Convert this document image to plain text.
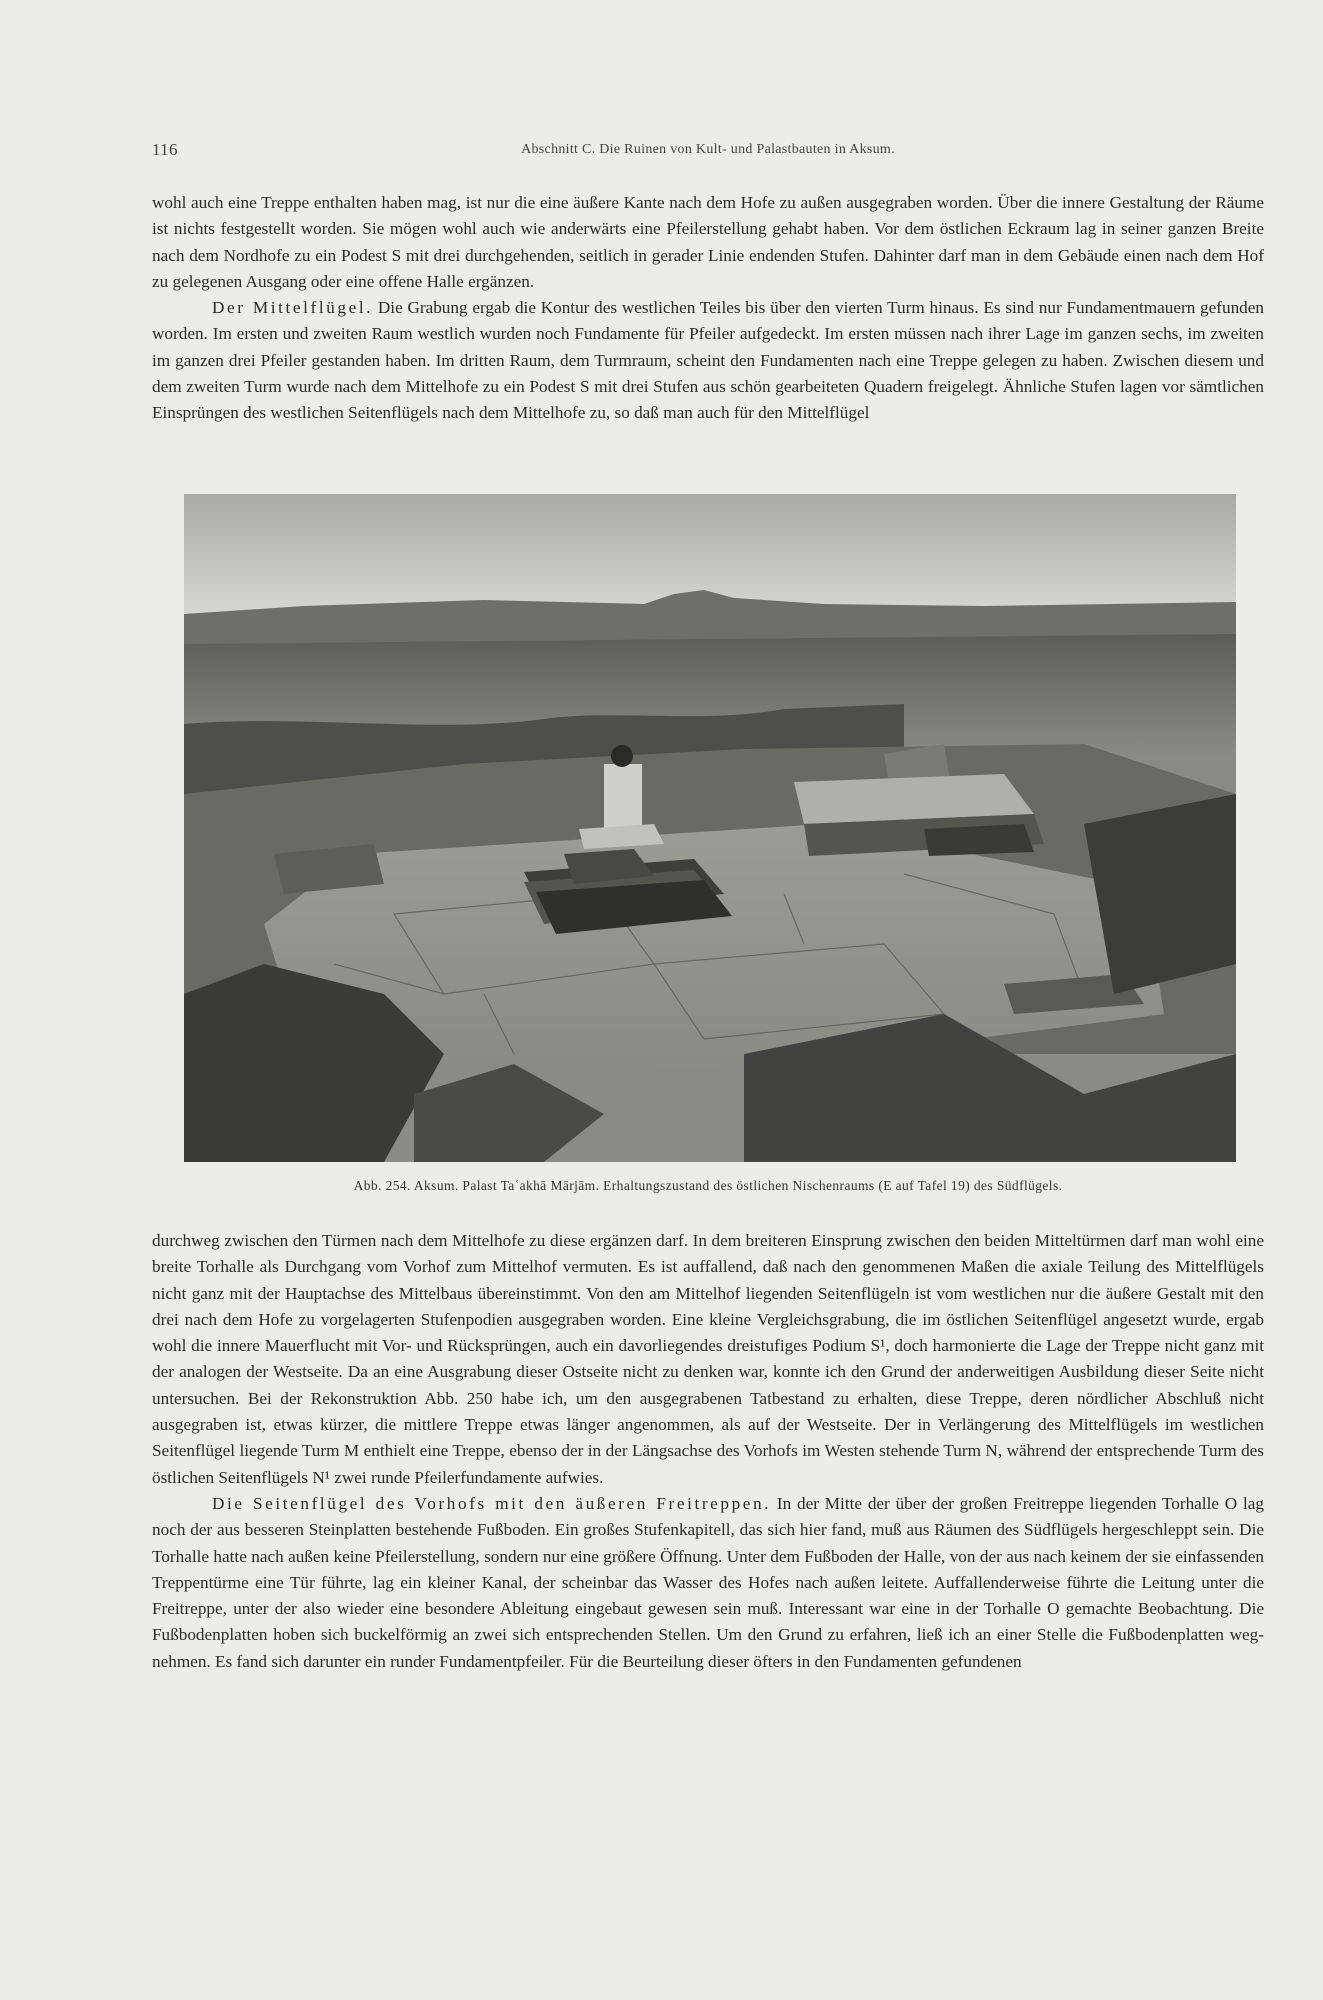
116	Abschnitt C. Die Ruinen von Kult- und Palastbauten in Aksum.

wohl auch eine Treppe enthalten haben mag, ist nur die eine äußere Kante nach dem Hofe zu außen ausgegraben worden. Über die innere Gestaltung der Räume ist nichts festgestellt worden. Sie mögen wohl auch wie anderwärts eine Pfeilerstellung gehabt haben. Vor dem östlichen Eckraum lag in seiner ganzen Breite nach dem Nordhofe zu ein Podest S mit drei durchgehenden, seitlich in gerader Linie endenden Stufen. Dahinter darf man in dem Gebäude einen nach dem Hof zu gelegenen Ausgang oder eine offene Halle ergänzen.

Der Mittelflügel. Die Grabung ergab die Kontur des westlichen Teiles bis über den vierten Turm hinaus. Es sind nur Fundamentmauern gefunden worden. Im ersten und zweiten Raum westlich wurden noch Fundamente für Pfeiler aufgedeckt. Im ersten müssen nach ihrer Lage im ganzen sechs, im zweiten im ganzen drei Pfeiler gestanden haben. Im dritten Raum, dem Turmraum, scheint den Fundamenten nach eine Treppe gelegen zu haben. Zwischen diesem und dem zweiten Turm wurde nach dem Mittelhofe zu ein Podest S mit drei Stufen aus schön gearbeiteten Quadern freigelegt. Ähnliche Stufen lagen vor sämtlichen Einsprüngen des westlichen Seitenflügels nach dem Mittelhofe zu, so daß man auch für den Mittelflügel

Abb. 254. Aksum. Palast Taʿakhā Mārjām. Erhaltungszustand des östlichen Nischenraums (E auf Tafel 19) des Südflügels.

durchweg zwischen den Türmen nach dem Mittelhofe zu diese ergänzen darf. In dem breiteren Einsprung zwischen den beiden Mitteltürmen darf man wohl eine breite Torhalle als Durchgang vom Vorhof zum Mittelhof vermuten. Es ist auffallend, daß nach den genommenen Maßen die axiale Teilung des Mittelflügels nicht ganz mit der Hauptachse des Mittelbaus übereinstimmt. Von den am Mittelhof liegenden Seitenflügeln ist vom westlichen nur die äußere Gestalt mit den drei nach dem Hofe zu vorgelagerten Stufenpodien ausgegraben worden. Eine kleine Vergleichsgrabung, die im östlichen Seitenflügel angesetzt wurde, ergab wohl die innere Mauerflucht mit Vor- und Rücksprüngen, auch ein davorliegendes dreistufiges Podium S¹, doch harmonierte die Lage der Treppe nicht ganz mit der analogen der Westseite. Da an eine Ausgrabung dieser Ostseite nicht zu denken war, konnte ich den Grund der anderweitigen Ausbildung dieser Seite nicht untersuchen. Bei der Rekonstruktion Abb. 250 habe ich, um den ausgegrabenen Tatbestand zu erhalten, diese Treppe, deren nördlicher Abschluß nicht ausgegraben ist, etwas kürzer, die mittlere Treppe etwas länger angenommen, als auf der Westseite. Der in Verlängerung des Mittelflügels im westlichen Seitenflügel liegende Turm M enthielt eine Treppe, ebenso der in der Längsachse des Vorhofs im Westen stehende Turm N, während der entsprechende Turm des östlichen Seitenflügels N¹ zwei runde Pfeilerfundamente aufwies.

Die Seitenflügel des Vorhofs mit den äußeren Freitreppen. In der Mitte der über der großen Freitreppe liegenden Torhalle O lag noch der aus besseren Steinplatten bestehende Fußboden. Ein großes Stufenkapitell, das sich hier fand, muß aus Räumen des Südflügels hergeschleppt sein. Die Torhalle hatte nach außen keine Pfeilerstellung, sondern nur eine größere Öffnung. Unter dem Fußboden der Halle, von der aus nach keinem der sie einfassenden Treppentürme eine Tür führte, lag ein kleiner Kanal, der scheinbar das Wasser des Hofes nach außen leitete. Auffallenderweise führte die Leitung unter die Freitreppe, unter der also wieder eine besondere Ableitung eingebaut gewesen sein muß. Interessant war eine in der Torhalle O gemachte Beobachtung. Die Fußbodenplatten hoben sich buckelförmig an zwei sich entsprechenden Stellen. Um den Grund zu erfahren, ließ ich an einer Stelle die Fußbodenplatten wegnehmen. Es fand sich darunter ein runder Fundamentpfeiler. Für die Beurteilung dieser öfters in den Fundamenten gefundenen
